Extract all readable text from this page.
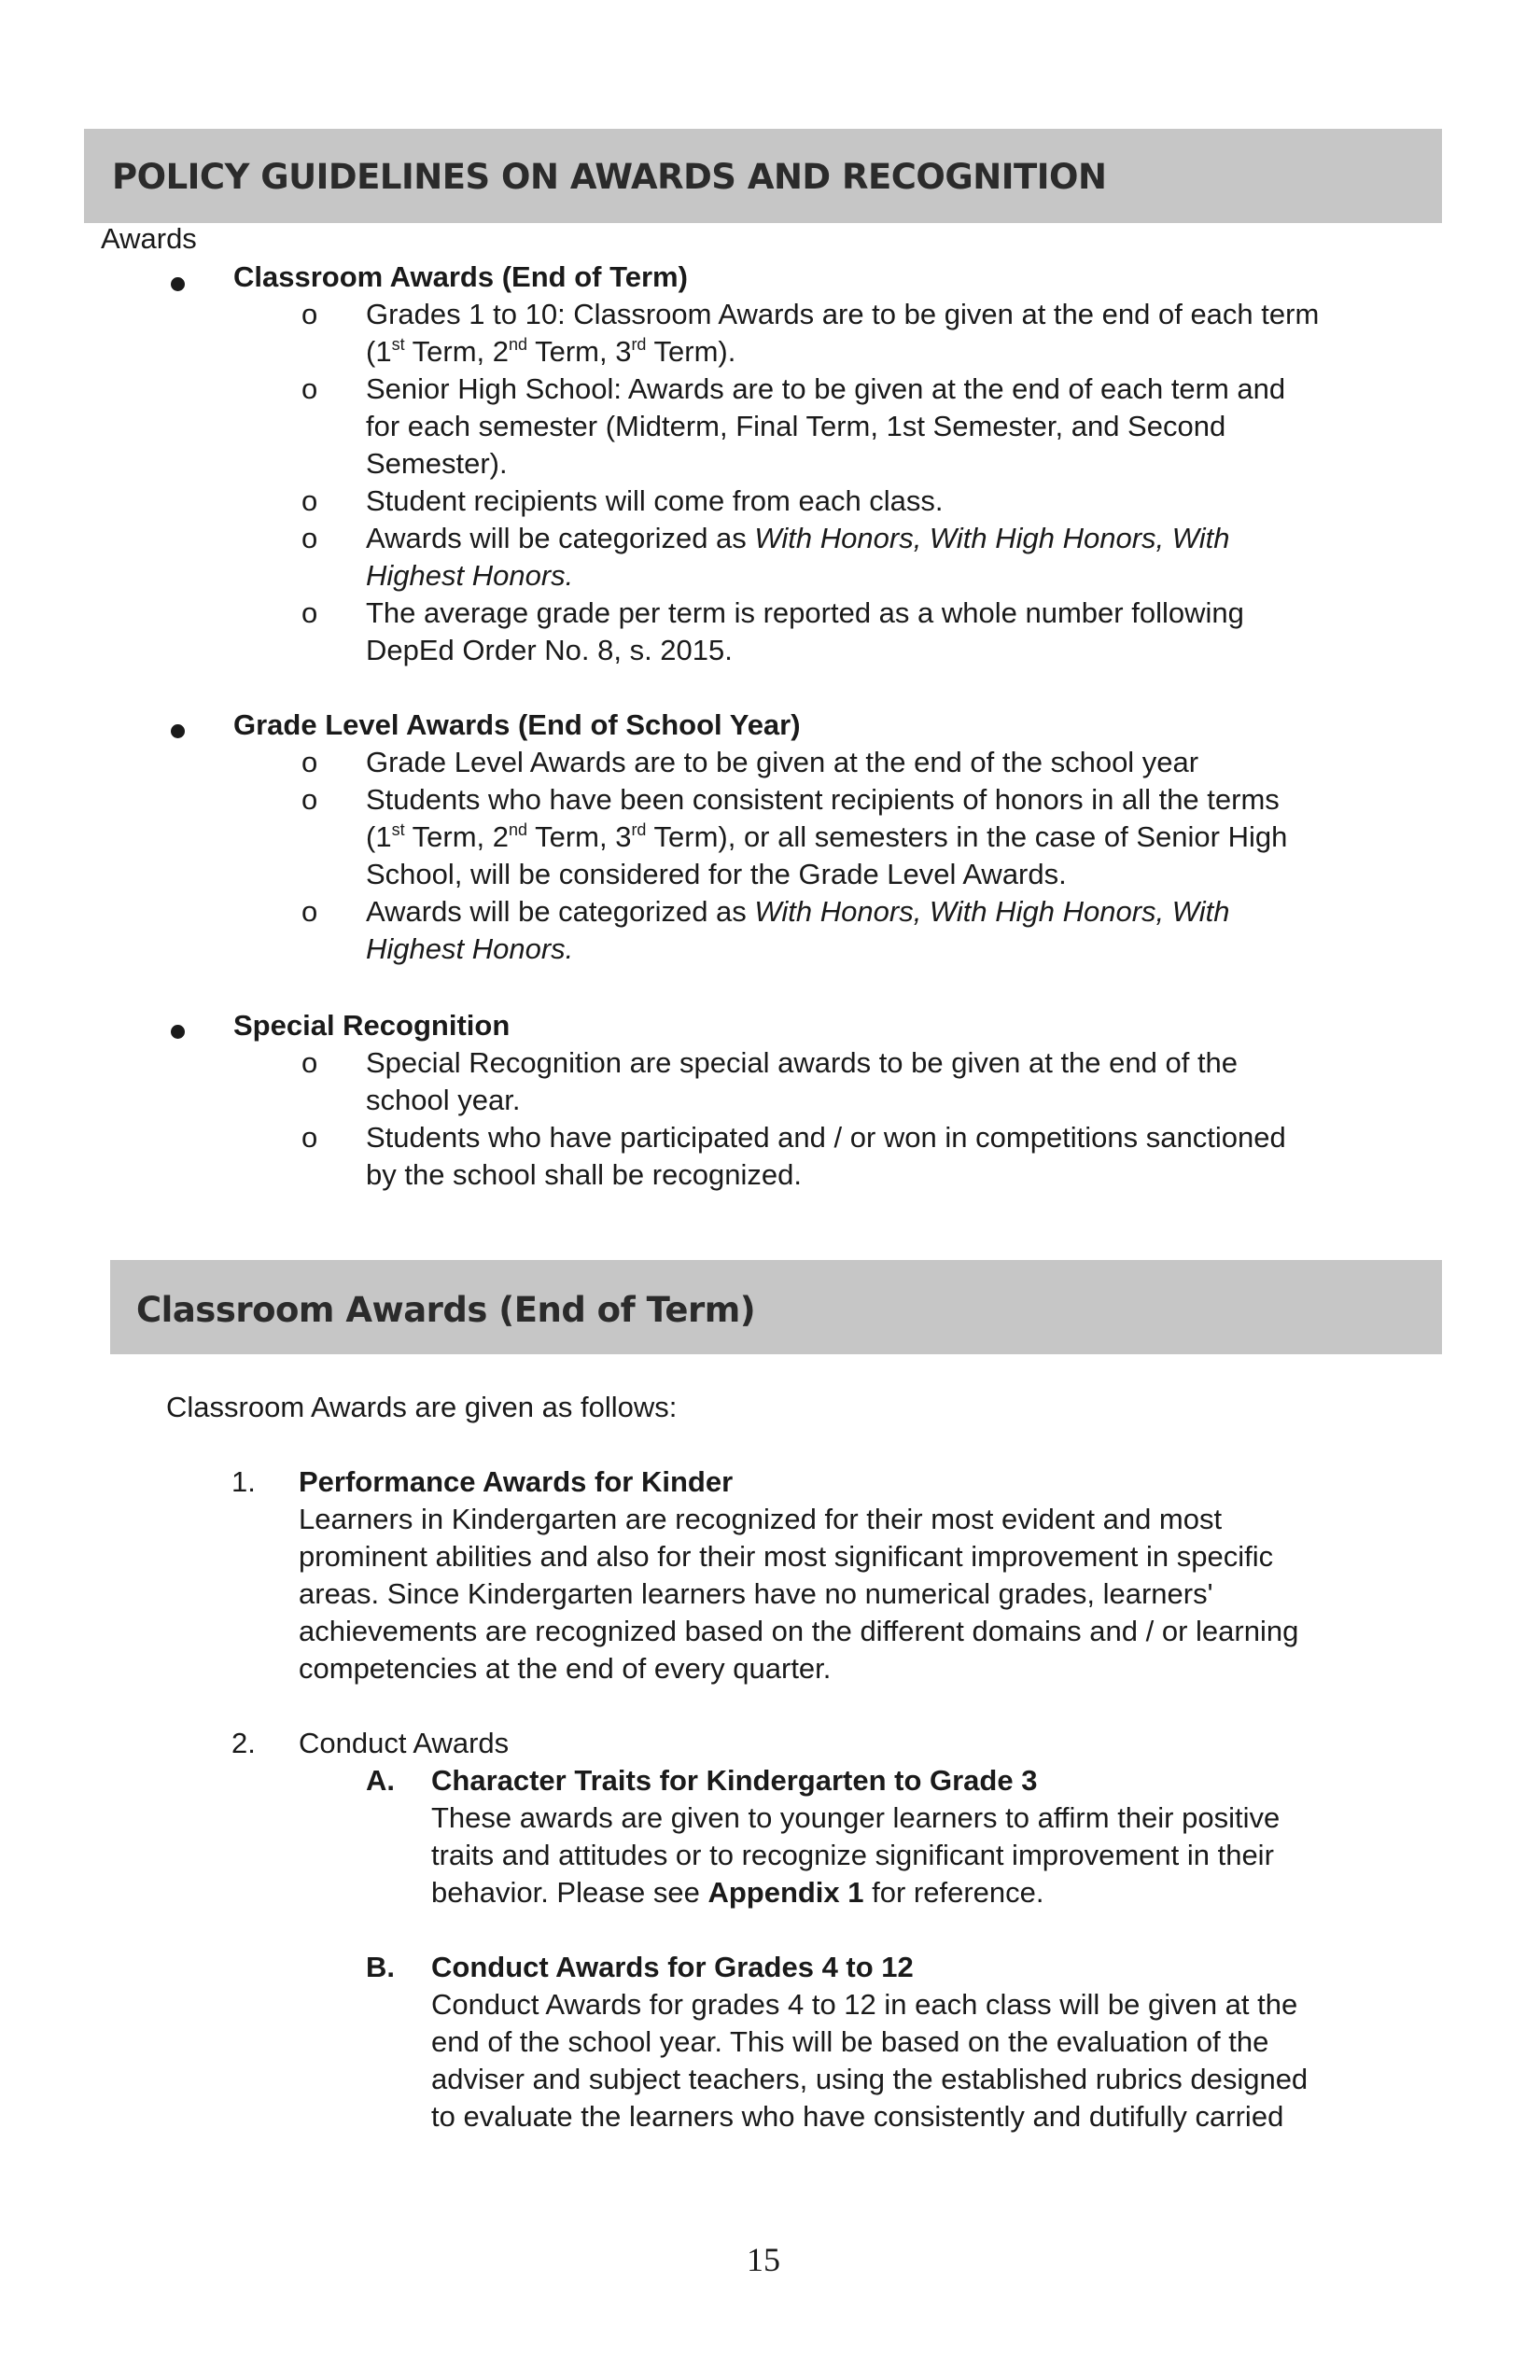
POLICY GUIDELINES ON AWARDS AND RECOGNITION
Awards
Classroom Awards (End of Term)
o Grades 1 to 10: Classroom Awards are to be given at the end of each term
(1st Term, 2nd Term, 3rd Term).
o Senior High School: Awards are to be given at the end of each term and
for each semester (Midterm, Final Term, 1st Semester, and Second
Semester).
o Student recipients will come from each class.
o Awards will be categorized as With Honors, With High Honors, With
Highest Honors.
o The average grade per term is reported as a whole number following
DepEd Order No. 8, s. 2015.
Grade Level Awards (End of School Year)
o Grade Level Awards are to be given at the end of the school year
o Students who have been consistent recipients of honors in all the terms
(1st Term, 2nd Term, 3rd Term), or all semesters in the case of Senior High
School, will be considered for the Grade Level Awards.
o Awards will be categorized as With Honors, With High Honors, With
Highest Honors.
Special Recognition
o Special Recognition are special awards to be given at the end of the
school year.
o Students who have participated and / or won in competitions sanctioned
by the school shall be recognized.
Classroom Awards (End of Term)
Classroom Awards are given as follows:
1. Performance Awards for Kinder
Learners in Kindergarten are recognized for their most evident and most
prominent abilities and also for their most significant improvement in specific
areas. Since Kindergarten learners have no numerical grades, learners'
achievements are recognized based on the different domains and / or learning
competencies at the end of every quarter.
2. Conduct Awards
A. Character Traits for Kindergarten to Grade 3
These awards are given to younger learners to affirm their positive
traits and attitudes or to recognize significant improvement in their
behavior. Please see Appendix 1 for reference.
B. Conduct Awards for Grades 4 to 12
Conduct Awards for grades 4 to 12 in each class will be given at the
end of the school year. This will be based on the evaluation of the
adviser and subject teachers, using the established rubrics designed
to evaluate the learners who have consistently and dutifully carried
15
